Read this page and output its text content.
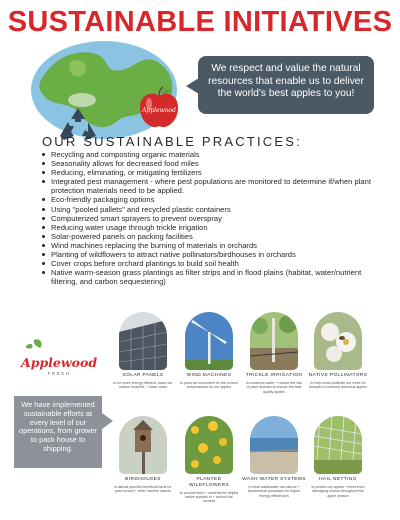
SUSTAINABLE INITIATIVES
Applewood
We respect and value the natural resources that enable us to deliver the world's best apples to you!
OUR SUSTAINABLE PRACTICES:
Recycling and composting organic materials
Seasonality allows for decreased food miles
Reducing, eliminating, or mitigating fertilizers
Integrated pest management - where pest populations are monitored to determine if/when plant protection materials need to be applied.
Eco-friendly packaging options
Using "pooled pallets" and recycled plastic containers
Computerized smart sprayers to prevent overspray
Reducing water usage through trickle irrigation
Solar-powered panels on packing facilities
Wind machines replacing the burning of materials in orchards
Planting of wildflowers to attract native pollinators/birdhouses in orchards
Cover crops before orchard plantings to build soil health
Native warm-season grass plantings as filter strips and in flood plains (habitat, water/nutrient filtering, and carbon sequestering)
Applewood
FRESH
We have implemented sustainable efforts at every level of our operations, from grower to pack house to shipping.
SOLAR PANELS
to be more energy efficient, lower our carbon footprint, + lower costs
WIND MACHINES
to push air movement for the correct temperatures for our apples
TRICKLE IRRIGATION
to conserve water + reduce the risk of plant disease to ensure the best quality apples
NATIVE POLLINATORS
to help cross-pollinate our trees for blossom to become delicious apples
BIRDHOUSES
to attract specific beneficial birds for pest control + other harmful insects
PLANTED WILDFLOWERS
to provide food + nutrients for helpful native species in + around the orchard
WASH WATER SYSTEMS
to treat wastewater via natural + biochemical processes for higher energy efficiencies
HAIL NETTING
to protect our apples + trees from damaging storms throughout the apple season
